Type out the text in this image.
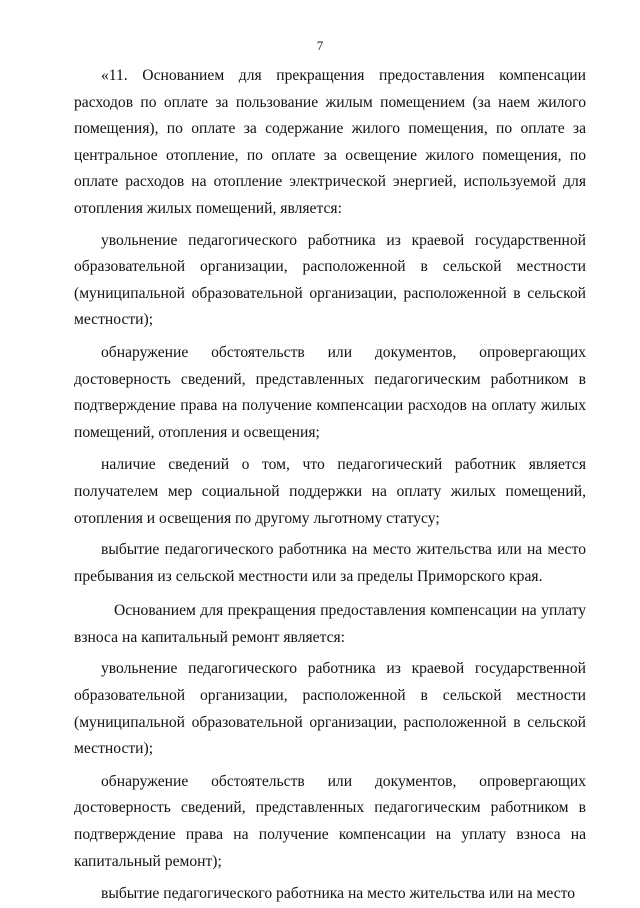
7

«11. Основанием для прекращения предоставления компенсации расходов по оплате за пользование жилым помещением (за наем жилого помещения), по оплате за содержание жилого помещения, по оплате за центральное отопление, по оплате за освещение жилого помещения, по оплате расходов на отопление электрической энергией, используемой для отопления жилых помещений, является:

увольнение педагогического работника из краевой государственной образовательной организации, расположенной в сельской местности (муниципальной образовательной организации, расположенной в сельской местности);

обнаружение обстоятельств или документов, опровергающих достоверность сведений, представленных педагогическим работником в подтверждение права на получение компенсации расходов на оплату жилых помещений, отопления и освещения;

наличие сведений о том, что педагогический работник является получателем мер социальной поддержки на оплату жилых помещений, отопления и освещения по другому льготному статусу;

выбытие педагогического работника на место жительства или на место пребывания из сельской местности или за пределы Приморского края.

Основанием для прекращения предоставления компенсации на уплату взноса на капитальный ремонт является:

увольнение педагогического работника из краевой государственной образовательной организации, расположенной в сельской местности (муниципальной образовательной организации, расположенной в сельской местности);

обнаружение обстоятельств или документов, опровергающих достоверность сведений, представленных педагогическим работником в подтверждение права на получение компенсации на уплату взноса на капитальный ремонт);

выбытие педагогического работника на место жительства или на место
